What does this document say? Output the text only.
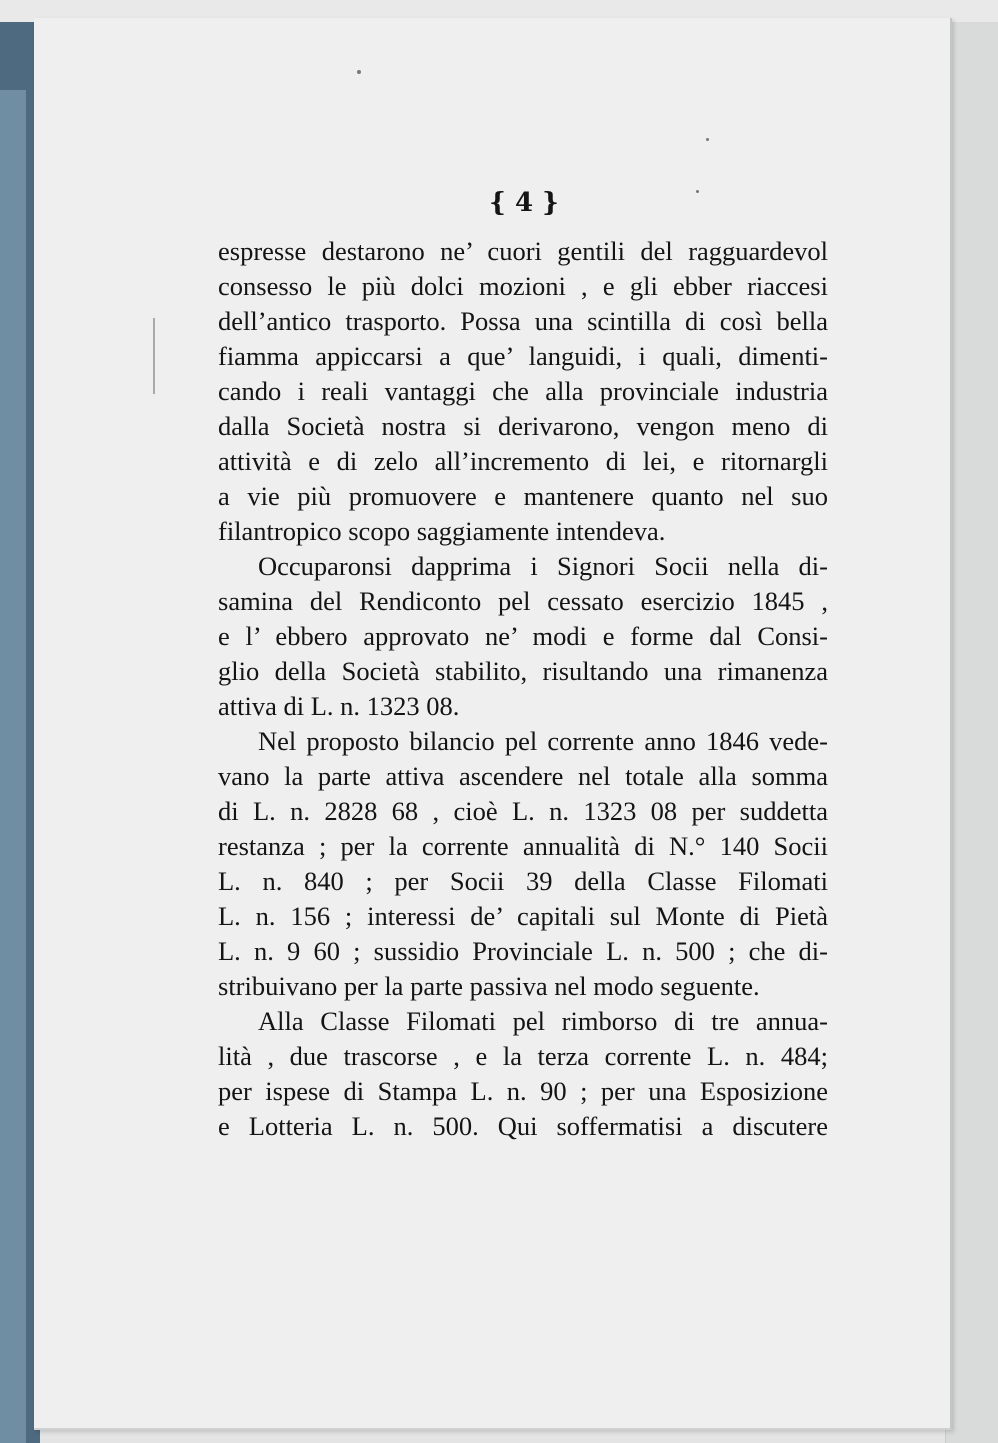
{ 4 }
espresse destarono ne’ cuori gentili del ragguardevol
consesso le più dolci mozioni , e gli ebber riaccesi
dell’antico trasporto. Possa una scintilla di così bella
fiamma appiccarsi a que’ languidi, i quali, dimenti-
cando i reali vantaggi che alla provinciale industria
dalla Società nostra si derivarono, vengon meno di
attività e di zelo all’incremento di lei, e ritornargli
a vie più promuovere e mantenere quanto nel suo
filantropico scopo saggiamente intendeva.
Occuparonsi dapprima i Signori Socii nella di-
samina del Rendiconto pel cessato esercizio 1845 ,
e l’ ebbero approvato ne’ modi e forme dal Consi-
glio della Società stabilito, risultando una rimanenza
attiva di L. n. 1323 08.
Nel proposto bilancio pel corrente anno 1846 vede-
vano la parte attiva ascendere nel totale alla somma
di L. n. 2828 68 , cioè L. n. 1323 08 per suddetta
restanza ; per la corrente annualità di N.° 140 Socii
L. n. 840 ; per Socii 39 della Classe Filomati
L. n. 156 ; interessi de’ capitali sul Monte di Pietà
L. n. 9 60 ; sussidio Provinciale L. n. 500 ; che di-
stribuivano per la parte passiva nel modo seguente.
Alla Classe Filomati pel rimborso di tre annua-
lità , due trascorse , e la terza corrente L. n. 484;
per ispese di Stampa L. n. 90 ; per una Esposizione
e Lotteria L. n. 500. Qui soffermatisi a discutere
